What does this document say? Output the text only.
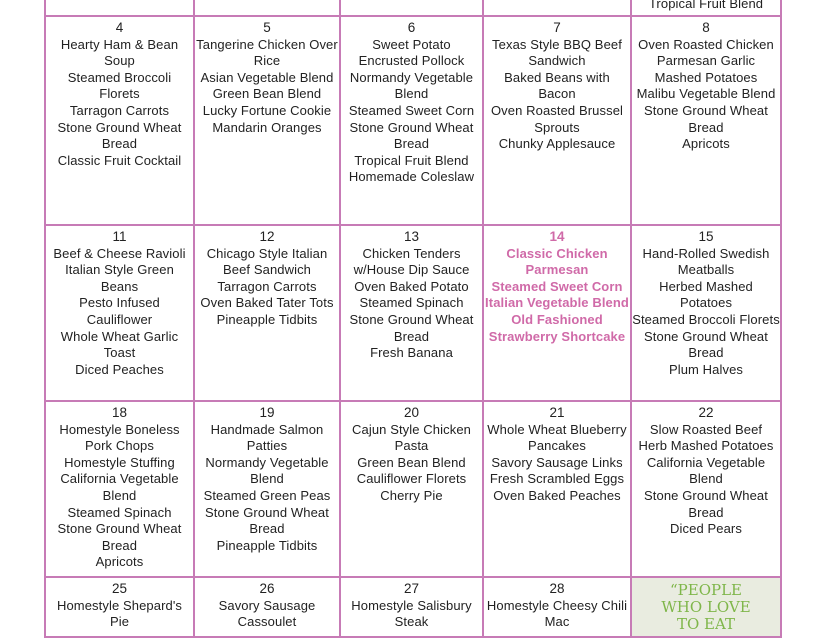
Tropical Fruit Blend
4
Hearty Ham & Bean Soup
Steamed Broccoli Florets
Tarragon Carrots
Stone Ground Wheat Bread
Classic Fruit Cocktail
5
Tangerine Chicken Over Rice
Asian Vegetable Blend
Green Bean Blend
Lucky Fortune Cookie
Mandarin Oranges
6
Sweet Potato Encrusted Pollock
Normandy Vegetable Blend
Steamed Sweet Corn
Stone Ground Wheat Bread
Tropical Fruit Blend
Homemade Coleslaw
7
Texas Style BBQ Beef Sandwich
Baked Beans with Bacon
Oven Roasted Brussel Sprouts
Chunky Applesauce
8
Oven Roasted Chicken
Parmesan Garlic Mashed Potatoes
Malibu Vegetable Blend
Stone Ground Wheat Bread
Apricots
11
Beef & Cheese Ravioli
Italian Style Green Beans
Pesto Infused Cauliflower
Whole Wheat Garlic Toast
Diced Peaches
12
Chicago Style Italian Beef Sandwich
Tarragon Carrots
Oven Baked Tater Tots
Pineapple Tidbits
13
Chicken Tenders w/House Dip Sauce
Oven Baked Potato
Steamed Spinach
Stone Ground Wheat Bread
Fresh Banana
14
Classic Chicken Parmesan
Steamed Sweet Corn
Italian Vegetable Blend
Old Fashioned Strawberry Shortcake
15
Hand-Rolled Swedish Meatballs
Herbed Mashed Potatoes
Steamed Broccoli Florets
Stone Ground Wheat Bread
Plum Halves
18
Homestyle Boneless Pork Chops
Homestyle Stuffing
California Vegetable Blend
Steamed Spinach
Stone Ground Wheat Bread
Apricots
19
Handmade Salmon Patties
Normandy Vegetable Blend
Steamed Green Peas
Stone Ground Wheat Bread
Pineapple Tidbits
20
Cajun Style Chicken Pasta
Green Bean Blend
Cauliflower Florets
Cherry Pie
21
Whole Wheat Blueberry Pancakes
Savory Sausage Links
Fresh Scrambled Eggs
Oven Baked Peaches
22
Slow Roasted Beef
Herb Mashed Potatoes
California Vegetable Blend
Stone Ground Wheat Bread
Diced Pears
25
Homestyle Shepard's Pie
26
Savory Sausage Cassoulet
27
Homestyle Salisbury Steak
28
Homestyle Cheesy Chili Mac
“PEOPLE
WHO LOVE
TO EAT
